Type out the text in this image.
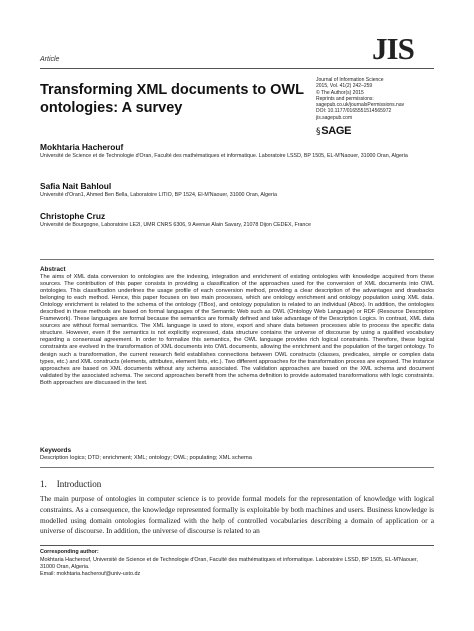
Article	JIS
Journal of Information Science
2015, Vol. 41(2) 242–259
© The Author(s) 2015
Reprints and permissions:
sagepub.co.uk/journalsPermissions.nav
DOI: 10.1177/0165551514565972
jis.sagepub.com
§SAGE
Transforming XML documents to OWL ontologies: A survey
Mokhtaria Hacherouf
Université de Science et de Technologie d'Oran, Faculté des mathématiques et informatique. Laboratoire LSSD, BP 1505, EL-M'Naouer, 31000 Oran, Algeria
Safia Nait Bahloul
Université d'Oran1, Ahmed Ben Bella, Laboratoire LITIO, BP 1524, El-M'Naouer, 31000 Oran, Algeria
Christophe Cruz
Université de Bourgogne, Laboratoire LE2I, UMR CNRS 6306, 9 Avenue Alain Savary, 21078 Dijon CEDEX, France
Abstract
The aims of XML data conversion to ontologies are the indexing, integration and enrichment of existing ontologies with knowledge acquired from these sources. The contribution of this paper consists in providing a classification of the approaches used for the conversion of XML documents into OWL ontologies. This classification underlines the usage profile of each conversion method, providing a clear description of the advantages and drawbacks belonging to each method. Hence, this paper focuses on two main processes, which are ontology enrichment and ontology population using XML data. Ontology enrichment is related to the schema of the ontology (TBox), and ontology population is related to an individual (Abox). In addition, the ontologies described in these methods are based on formal languages of the Semantic Web such as OWL (Ontology Web Language) or RDF (Resource Description Framework). These languages are formal because the semantics are formally defined and take advantage of the Description Logics. In contrast, XML data sources are without formal semantics. The XML language is used to store, export and share data between processes able to process the specific data structure. However, even if the semantics is not explicitly expressed, data structure contains the universe of discourse by using a qualified vocabulary regarding a consensual agreement. In order to formalize this semantics, the OWL language provides rich logical constraints. Therefore, these logical constraints are evolved in the transformation of XML documents into OWL documents, allowing the enrichment and the population of the target ontology. To design such a transformation, the current research field establishes connections between OWL constructs (classes, predicates, simple or complex data types, etc.) and XML constructs (elements, attributes, element lists, etc.). Two different approaches for the transformation process are exposed. The instance approaches are based on XML documents without any schema associated. The validation approaches are based on the XML schema and document validated by the associated schema. The second approaches benefit from the schema definition to provide automated transformations with logic constraints. Both approaches are discussed in the text.
Keywords
Description logics; DTD; enrichment; XML; ontology; OWL; populating; XML schema
1. Introduction
The main purpose of ontologies in computer science is to provide formal models for the representation of knowledge with logical constraints. As a consequence, the knowledge represented formally is exploitable by both machines and users. Business knowledge is modelled using domain ontologies formalized with the help of controlled vocabularies describing a domain of application or a universe of discourse. In addition, the universe of discourse is related to an
Corresponding author:
Mokhtaria Hacherouf, Université de Science et de Technologie d'Oran, Faculté des mathématiques et informatique. Laboratoire LSSD, BP 1505, EL-M'Naouer,
31000 Oran, Algeria.
Email: mokhtaria.hacherouf@univ-usto.dz
